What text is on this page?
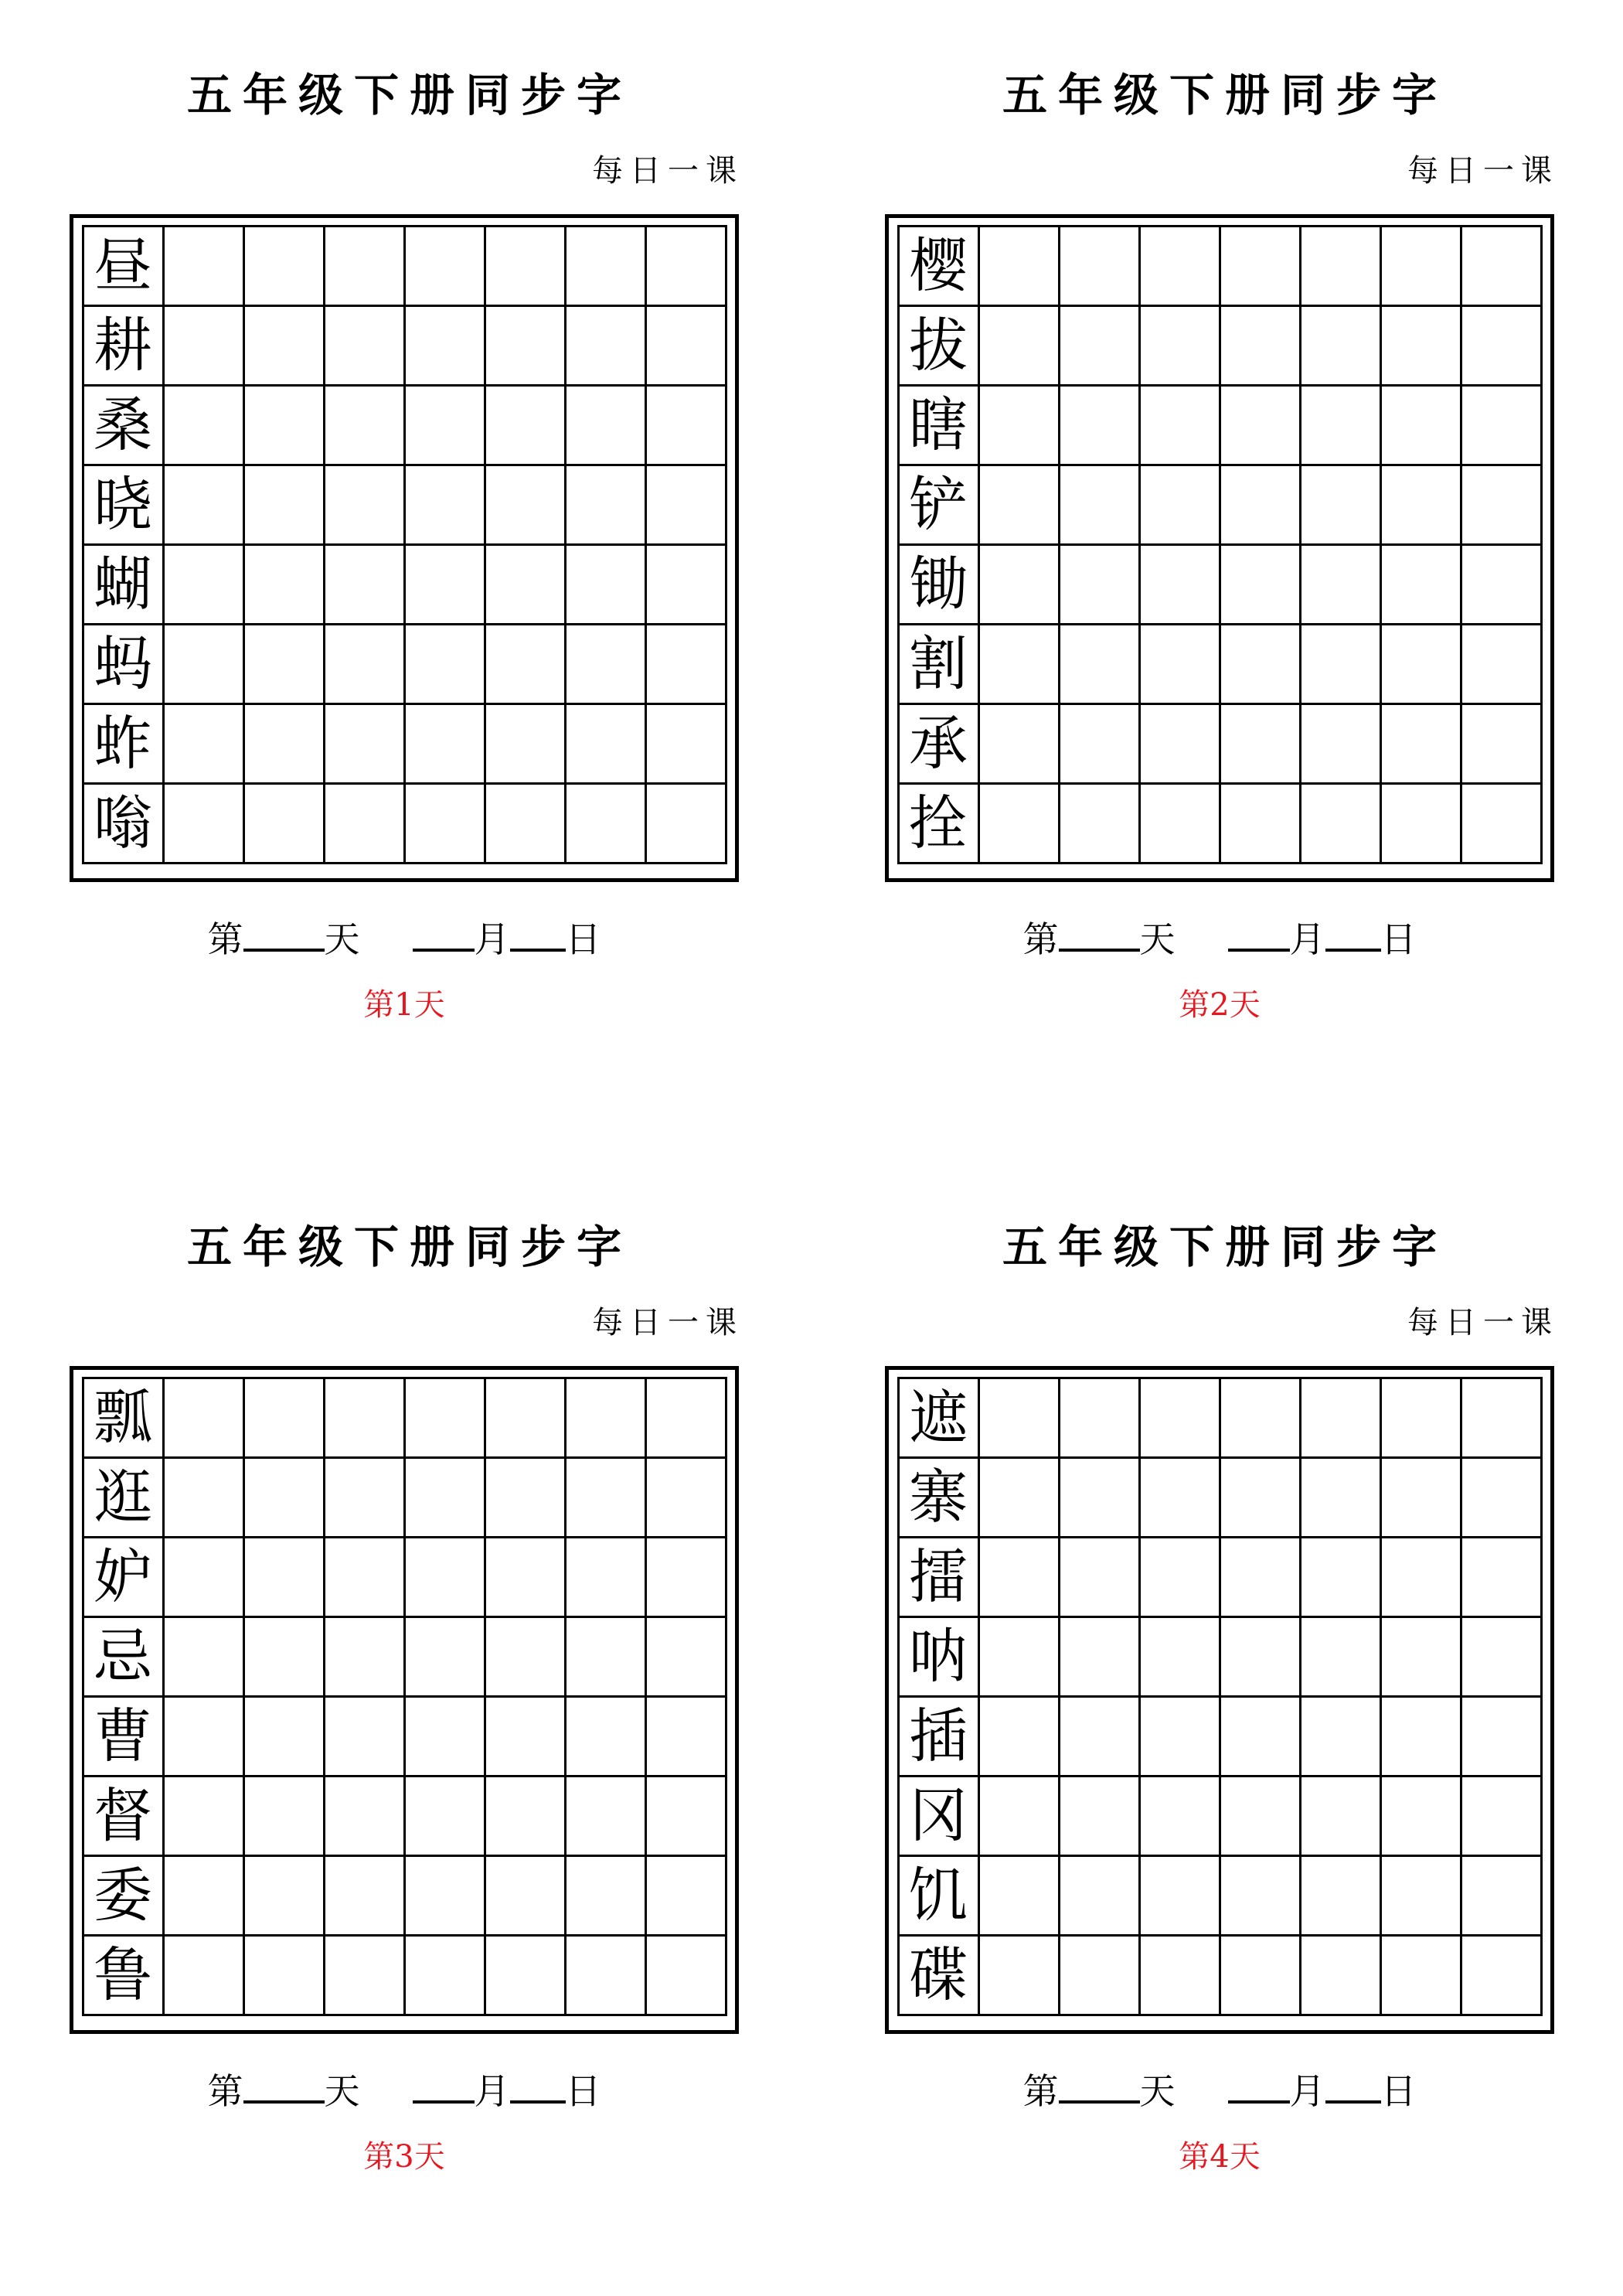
五年级下册同步字
每日一课
昼							
耕							
桑							
晓							
蝴							
蚂							
蚱							
嗡							
第 天	月 日
第1天
五年级下册同步字
每日一课
樱							
拔							
瞎							
铲							
锄							
割							
承							
拴							
第 天	月 日
第2天
五年级下册同步字
每日一课
瓢							
逛							
妒							
忌							
曹							
督							
委							
鲁							
第 天	月 日
第3天
五年级下册同步字
每日一课
遮							
寨							
擂							
呐							
插							
冈							
饥							
碟							
第 天	月 日
第4天
